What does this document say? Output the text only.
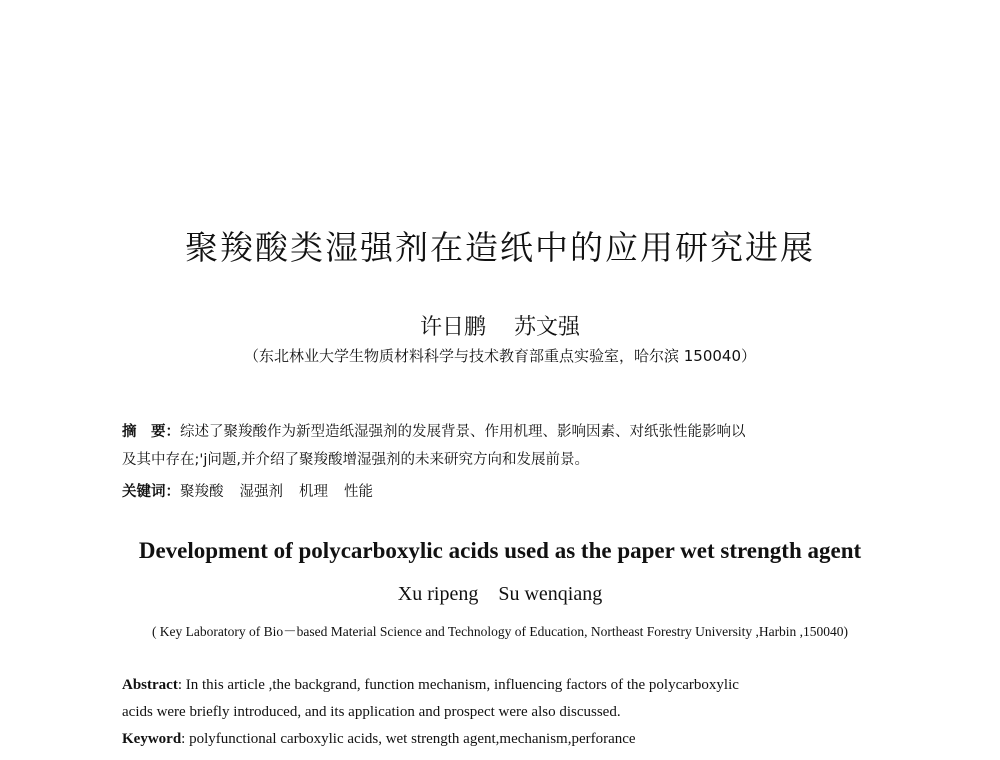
聚羧酸类湿强剂在造纸中的应用研究进展
许日鹏 苏文强
（东北林业大学生物质材料科学与技术教育部重点实验室，哈尔滨 150040）
摘　要：综述了聚羧酸作为新型造纸湿强剂的发展背景、作用机理、影响因素、对纸张性能影响以
及其中存在;'j问题,并介绍了聚羧酸增湿强剂的未来研究方向和发展前景。
关键词：聚羧酸 湿强剂 机理 性能
Development of polycarboxylic acids used as the paper wet strength agent
Xu ripeng Su wenqiang
( Key Laboratory of Bio－based Material Science and Technology of Education, Northeast Forestry University ,Harbin ,150040)
Abstract: In this article ,the backgrand, function mechanism, influencing factors of the polycarboxylic
acids were briefly introduced, and its application and prospect were also discussed.
Keyword: polyfunctional carboxylic acids, wet strength agent,mechanism,perforance
